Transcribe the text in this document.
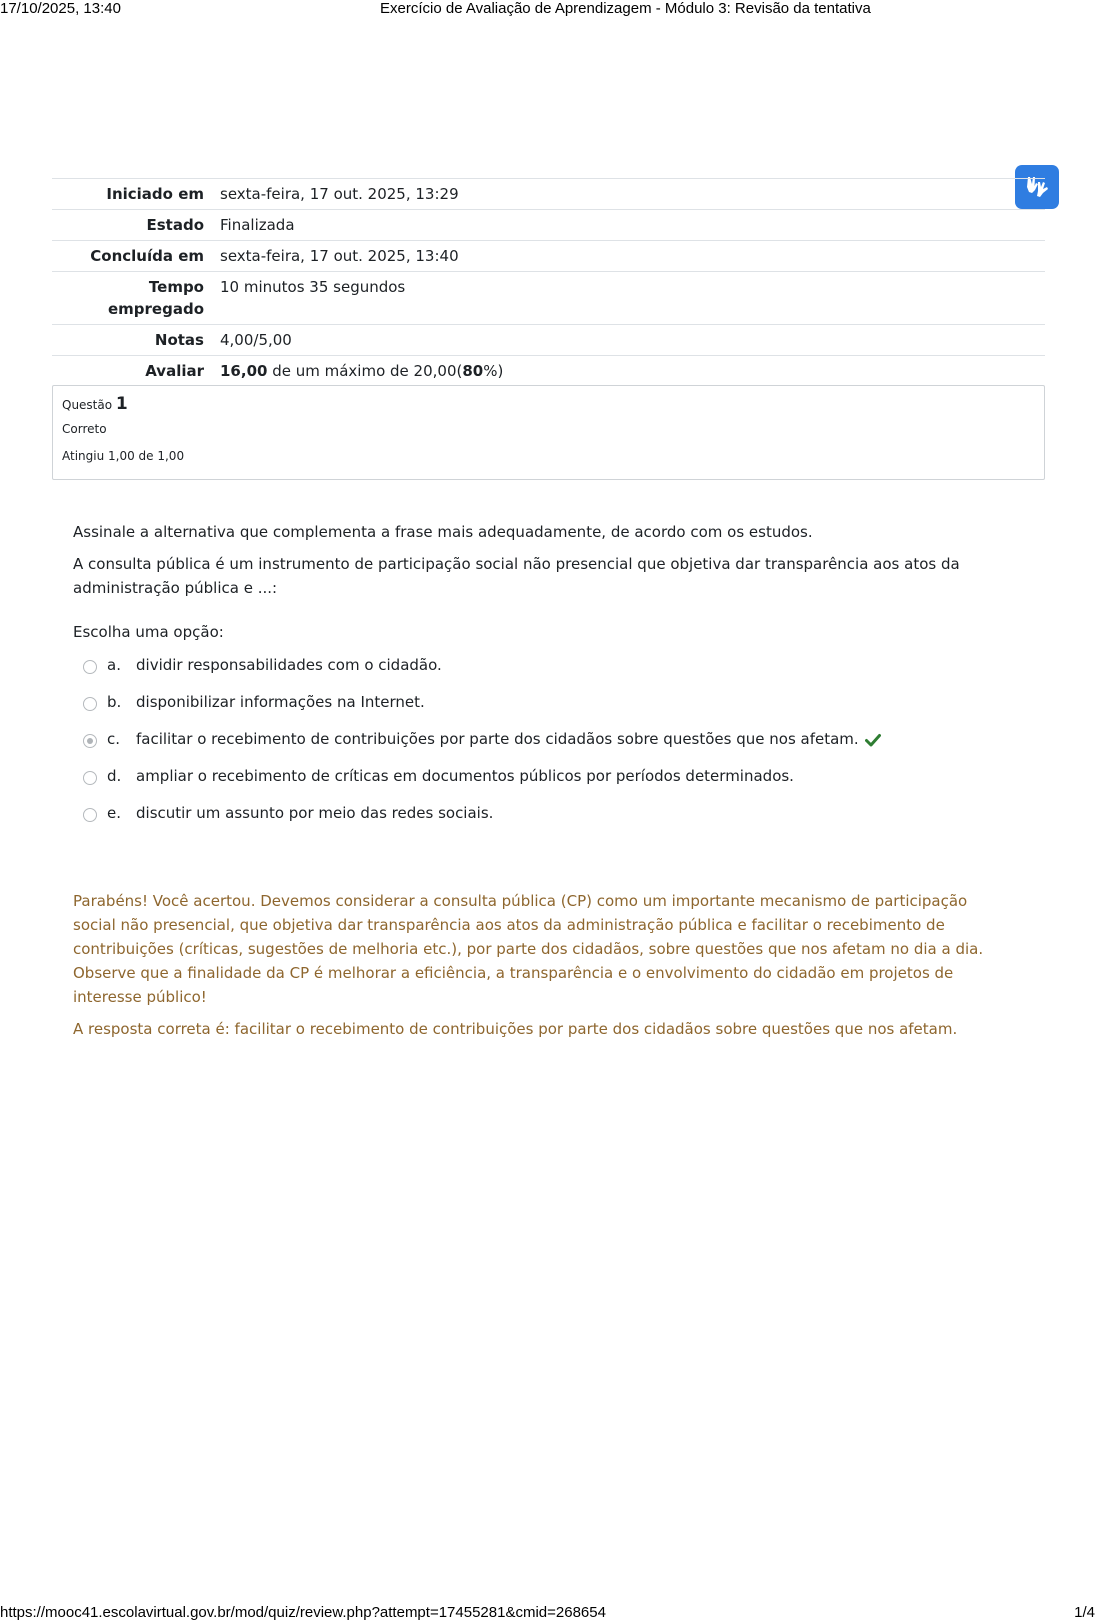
17/10/2025, 13:40	Exercício de Avaliação de Aprendizagem - Módulo 3: Revisão da tentativa
Iniciado em	sexta-feira, 17 out. 2025, 13:29
Estado	Finalizada
Concluída em	sexta-feira, 17 out. 2025, 13:40
Tempo
empregado	10 minutos 35 segundos
Notas	4,00/5,00
Avaliar	16,00 de um máximo de 20,00(80%)
Questão 1
Correto
Atingiu 1,00 de 1,00

Assinale a alternativa que complementa a frase mais adequadamente, de acordo com os estudos.

A consulta pública é um instrumento de participação social não presencial que objetiva dar transparência aos atos da administração pública e ...:

Escolha uma opção:

a.	dividir responsabilidades com o cidadão.
b. disponibilizar informações na Internet.
c.	facilitar o recebimento de contribuições por parte dos cidadãos sobre questões que nos afetam.
d. ampliar o recebimento de críticas em documentos públicos por períodos determinados.
e.	discutir um assunto por meio das redes sociais.

Parabéns! Você acertou. Devemos considerar a consulta pública (CP) como um importante mecanismo de participação social não presencial, que objetiva dar transparência aos atos da administração pública e facilitar o recebimento de contribuições (críticas, sugestões de melhoria etc.), por parte dos cidadãos, sobre questões que nos afetam no dia a dia. Observe que a finalidade da CP é melhorar a eficiência, a transparência e o envolvimento do cidadão em projetos de interesse público!

A resposta correta é: facilitar o recebimento de contribuições por parte dos cidadãos sobre questões que nos afetam.

https://mooc41.escolavirtual.gov.br/mod/quiz/review.php?attempt=17455281&cmid=268654	1/4
